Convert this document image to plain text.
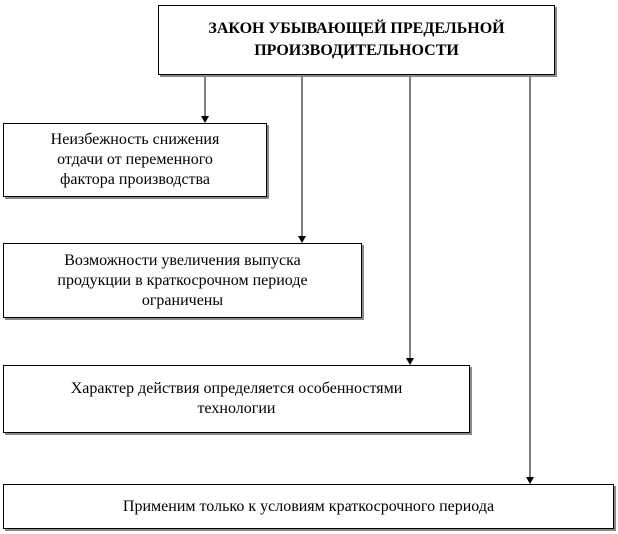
ЗАКОН УБЫВАЮЩЕЙ ПРЕДЕЛЬНОЙ
ПРОИЗВОДИТЕЛЬНОСТИ
Неизбежность снижения
отдачи от переменного
фактора производства
Возможности увеличения выпуска
продукции в краткосрочном периоде
ограничены
Характер действия определяется особенностями
технологии
Применим только к условиям краткосрочного периода
